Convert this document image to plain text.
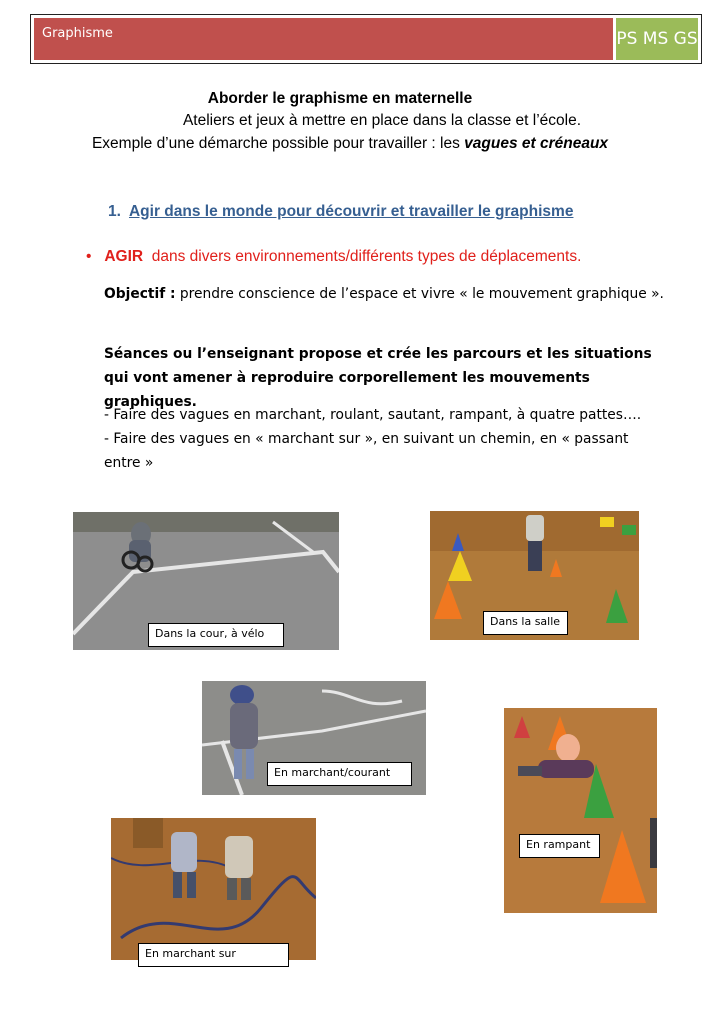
Graphisme	PS MS GS
Aborder le graphisme en maternelle
Ateliers et jeux à mettre en place dans la classe et l’école.
Exemple d’une démarche possible pour travailler : les vagues et créneaux
1. Agir dans le monde pour découvrir et travailler le graphisme
• AGIR dans divers environnements/différents types de déplacements.
Objectif : prendre conscience de l’espace et vivre « le mouvement graphique ».
Séances ou l’enseignant propose et crée les parcours et les situations qui vont amener à reproduire corporellement les mouvements graphiques.
- Faire des vagues en marchant, roulant, sautant, rampant, à quatre pattes….
- Faire des vagues en « marchant sur », en suivant un chemin, en « passant entre »
Dans la cour, à vélo
Dans la salle
En marchant/courant
En rampant
En marchant sur
